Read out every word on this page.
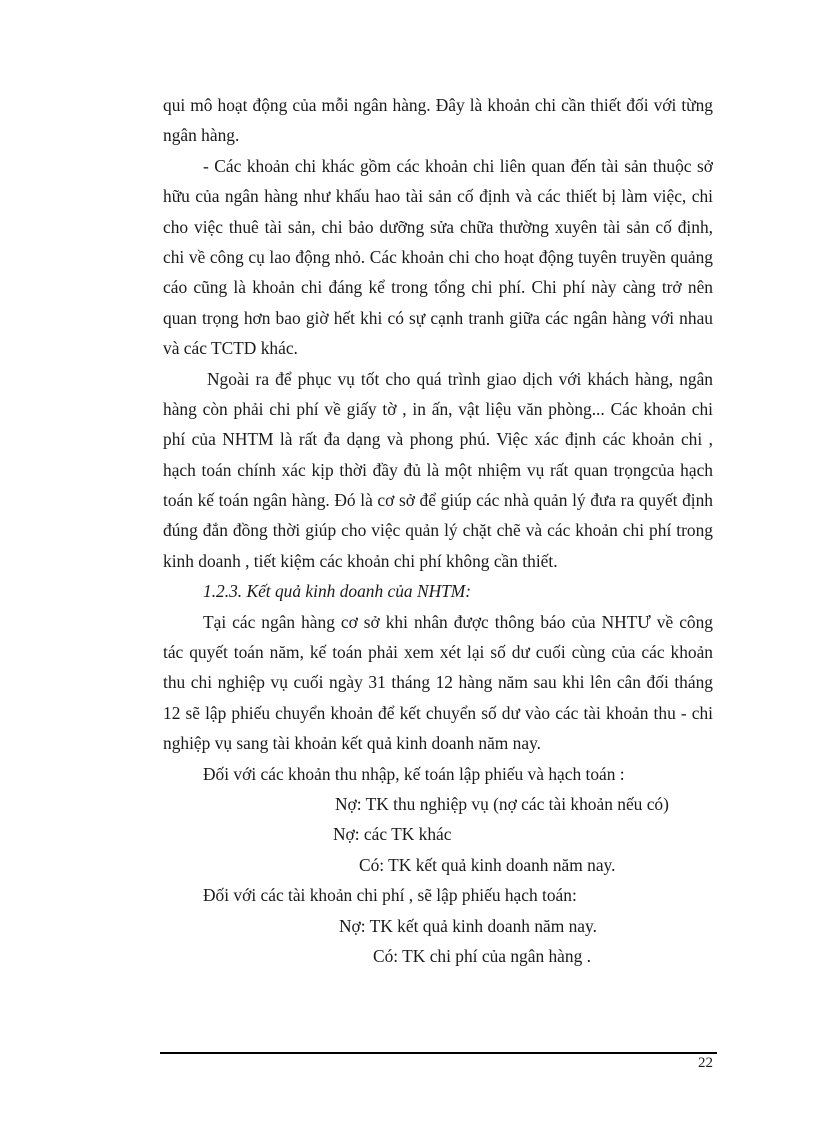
qui mô hoạt động của mỗi ngân hàng. Đây là khoản chi cần thiết đối với từng
ngân hàng.
- Các khoản chi khác gồm các khoản chi liên quan đến tài sản thuộc sở
hữu của ngân hàng như khấu hao tài sản cố định và các thiết bị làm việc, chi
cho việc thuê tài sản, chi bảo dưỡng sửa chữa thường xuyên tài sản cố định,
chi về công cụ lao động nhỏ. Các khoản chi cho hoạt động tuyên truyền quảng
cáo cũng là khoản chi đáng kể trong tổng chi phí. Chi phí này càng trở nên
quan trọng hơn bao giờ hết khi có sự cạnh tranh giữa các ngân hàng với nhau
và các TCTD khác.
Ngoài ra để phục vụ tốt cho quá trình giao dịch với khách hàng, ngân
hàng còn phải chi phí về giấy tờ , in ấn, vật liệu văn phòng... Các khoản chi
phí của NHTM là rất đa dạng và phong phú. Việc xác định các khoản chi ,
hạch toán chính xác kịp thời đầy đủ là một nhiệm vụ rất quan trọngcủa hạch
toán kế toán ngân hàng. Đó là cơ sở để giúp các nhà quản lý đưa ra quyết định
đúng đắn đồng thời giúp cho việc quản lý chặt chẽ và các khoản chi phí trong
kinh doanh , tiết kiệm các khoản chi phí không cần thiết.
1.2.3. Kết quả kinh doanh của NHTM:
Tại các ngân hàng cơ sở khi nhân được thông báo của NHTƯ về công
tác quyết toán năm, kế toán phải xem xét lại số dư cuối cùng của các khoản
thu chi nghiệp vụ cuối ngày 31 tháng 12 hàng năm sau khi lên cân đối tháng
12 sẽ lập phiếu chuyển khoản để kết chuyển số dư vào các tài khoản thu - chi
nghiệp vụ sang tài khoản kết quả kinh doanh năm nay.
Đối với các khoản thu nhập, kế toán lập phiếu và hạch toán :
Nợ: TK thu nghiệp vụ (nợ các tài khoản nếu có)
Nợ: các TK khác
Có: TK kết quả kinh doanh năm nay.
Đối với các tài khoản chi phí , sẽ lập phiếu hạch toán:
Nợ: TK kết quả kinh doanh năm nay.
Có: TK chi phí của ngân hàng .
22
